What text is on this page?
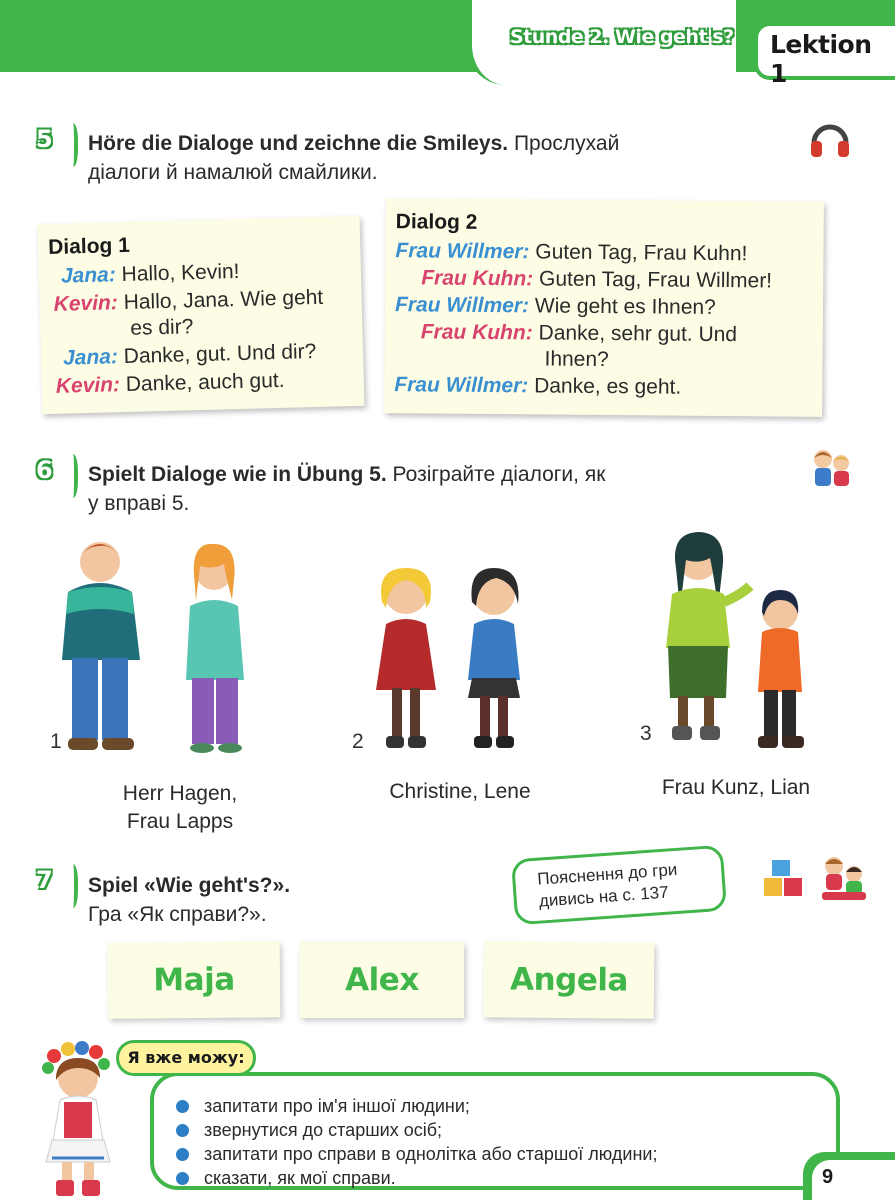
Stunde 2. Wie geht's? Lektion 1
5	Höre die Dialoge und zeichne die Smileys. Прослухай
діалоги й намалюй смайлики.
Dialog 1
Jana: Hallo, Kevin!
Kevin: Hallo, Jana. Wie geht
es dir?
Jana: Danke, gut. Und dir?
Kevin: Danke, auch gut.
Dialog 2
Frau Willmer: Guten Tag, Frau Kuhn!
Frau Kuhn: Guten Tag, Frau Willmer!
Frau Willmer: Wie geht es Ihnen?
Frau Kuhn: Danke, sehr gut. Und
Ihnen?
Frau Willmer: Danke, es geht.
6	Spielt Dialoge wie in Übung 5. Розіграйте діалоги, як
у вправі 5.
1
Herr Hagen,
Frau Lapps
2
Christine, Lene
3
Frau Kunz, Lian
7	Spiel «Wie geht's?».
Гра «Як справи?».
Пояснення до гри
дивись на с. 137
Maja	Alex	Angela
Я вже можу:
запитати про ім'я іншої людини;
звернутися до старших осіб;
запитати про справи в однолітка або старшої людини;
сказати, як мої справи.	9
